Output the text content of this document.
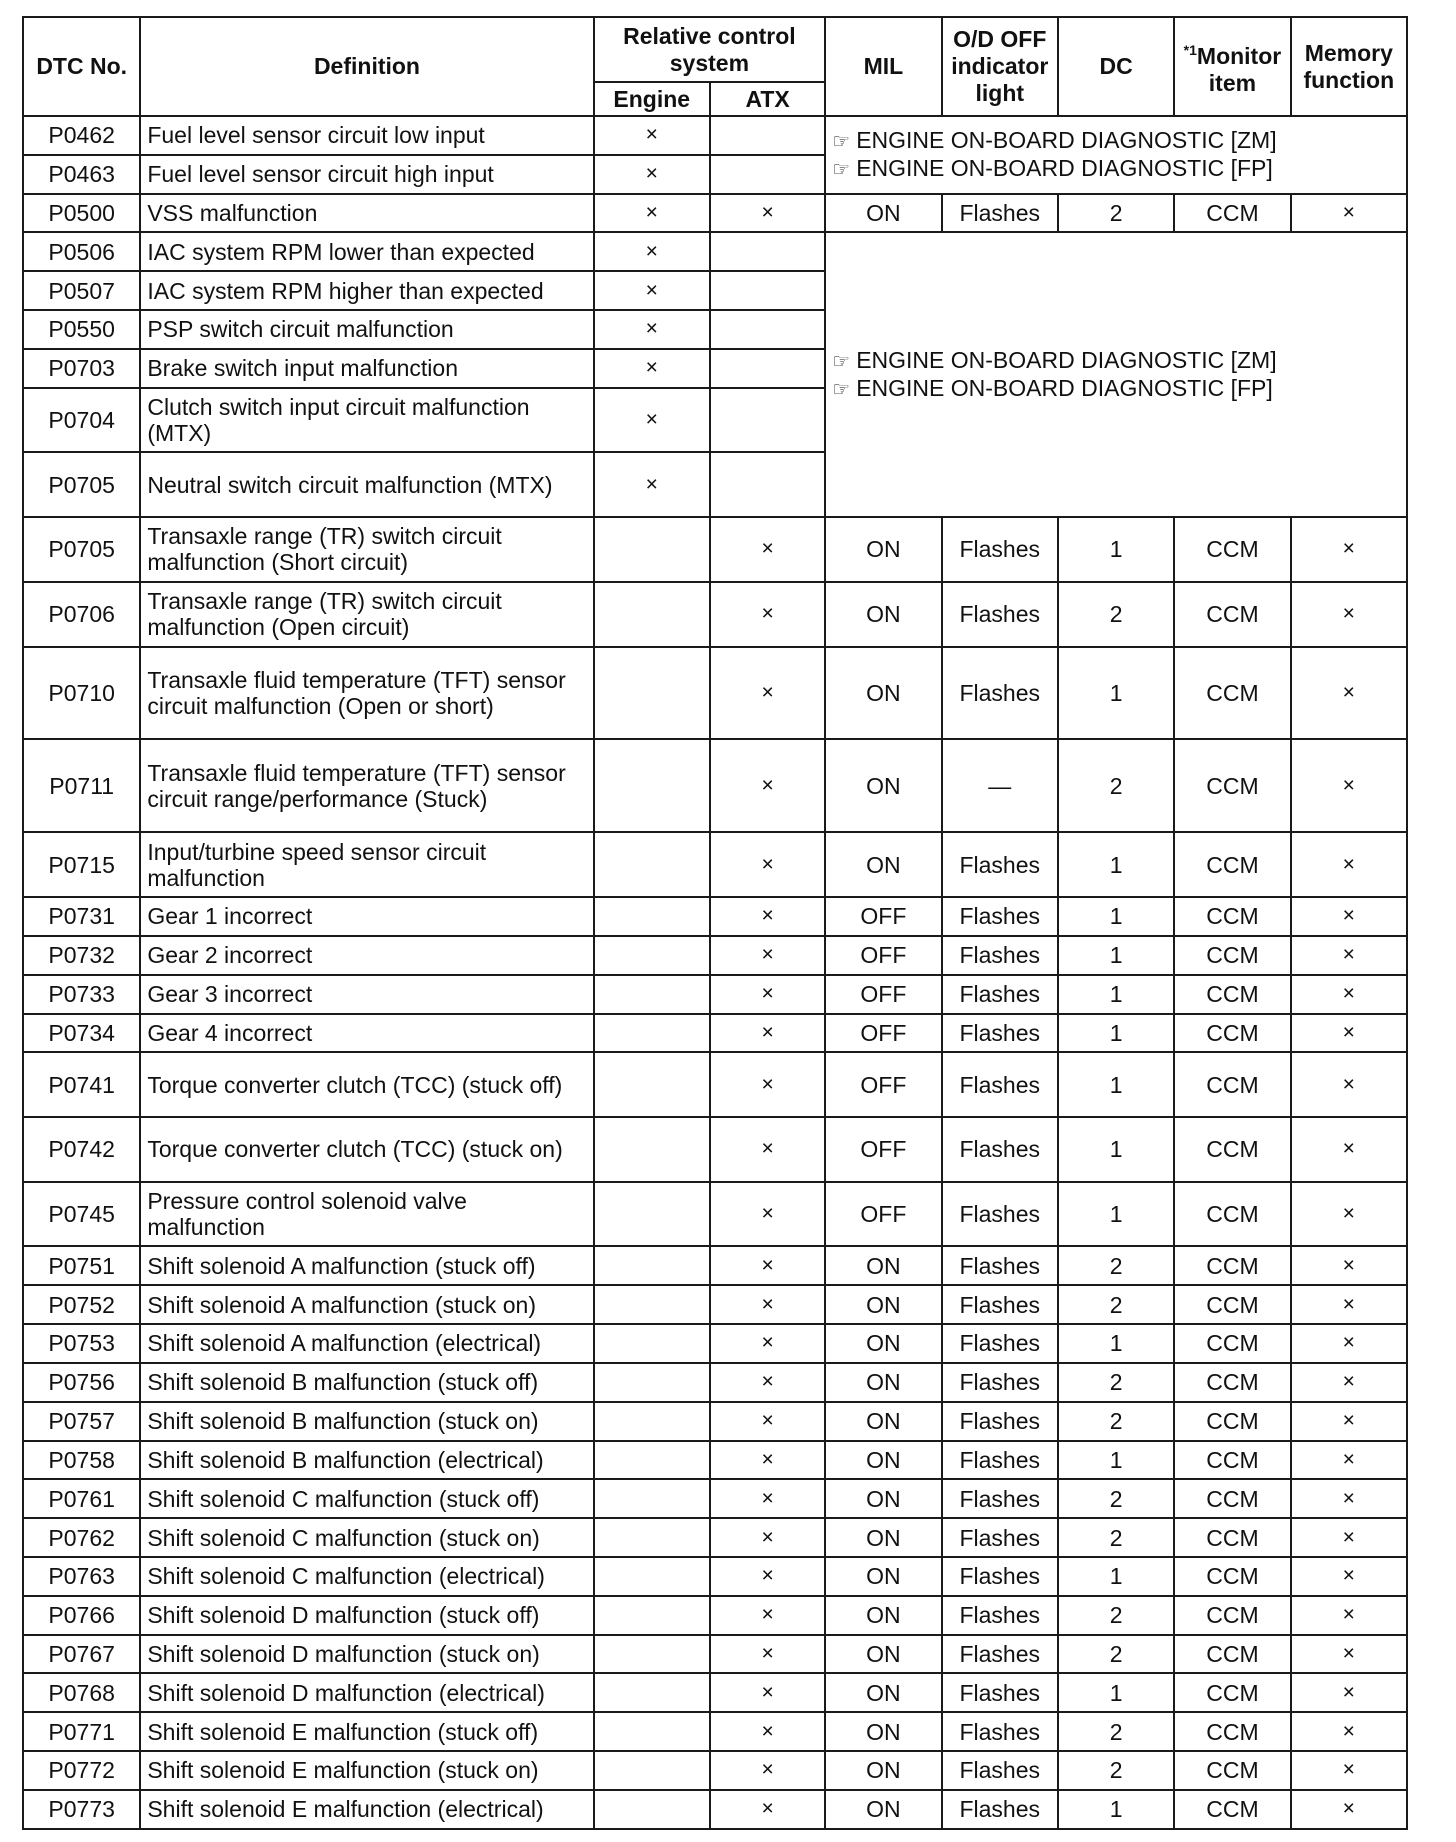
DTC No.	Definition	Relative control system		MIL	O/D OFF indicator light	DC	$^{*1}$Monitor item	Memory function
		Engine	ATX					
P0462	Fuel level sensor circuit low input	×		☞ ENGINE ON-BOARD DIAGNOSTIC [ZM]
☞ ENGINE ON-BOARD DIAGNOSTIC [FP]				

P0463	Fuel level sensor circuit high input	×						
P0500	VSS malfunction	×	×	ON	Flashes	2	CCM	×
P0506	IAC system RPM lower than expected	×		☞ ENGINE ON-BOARD DIAGNOSTIC [ZM]
☞ ENGINE ON-BOARD DIAGNOSTIC [FP]				

P0507	IAC system RPM higher than expected	×						
P0550	PSP switch circuit malfunction	×						
P0703	Brake switch input malfunction	×						
P0704	Clutch switch input circuit malfunction (MTX)	×						
P0705	Neutral switch circuit malfunction (MTX)	×						
P0705	Transaxle range (TR) switch circuit malfunction (Short circuit)		×	ON	Flashes	1	CCM	×
P0706	Transaxle range (TR) switch circuit malfunction (Open circuit)		×	ON	Flashes	2	CCM	×
P0710	Transaxle fluid temperature (TFT) sensor circuit malfunction (Open or short)		×	ON	Flashes	1	CCM	×
P0711	Transaxle fluid temperature (TFT) sensor circuit range/performance (Stuck)		×	ON	—	2	CCM	×
P0715	Input/turbine speed sensor circuit malfunction		×	ON	Flashes	1	CCM	×
P0731	Gear 1 incorrect		×	OFF	Flashes	1	CCM	×
P0732	Gear 2 incorrect		×	OFF	Flashes	1	CCM	×
P0733	Gear 3 incorrect		×	OFF	Flashes	1	CCM	×
P0734	Gear 4 incorrect		×	OFF	Flashes	1	CCM	×
P0741	Torque converter clutch (TCC) (stuck off)		×	OFF	Flashes	1	CCM	×
P0742	Torque converter clutch (TCC) (stuck on)		×	OFF	Flashes	1	CCM	×
P0745	Pressure control solenoid valve malfunction		×	OFF	Flashes	1	CCM	×
P0751	Shift solenoid A malfunction (stuck off)		×	ON	Flashes	2	CCM	×
P0752	Shift solenoid A malfunction (stuck on)		×	ON	Flashes	2	CCM	×
P0753	Shift solenoid A malfunction (electrical)		×	ON	Flashes	1	CCM	×
P0756	Shift solenoid B malfunction (stuck off)		×	ON	Flashes	2	CCM	×
P0757	Shift solenoid B malfunction (stuck on)		×	ON	Flashes	2	CCM	×
P0758	Shift solenoid B malfunction (electrical)		×	ON	Flashes	1	CCM	×
P0761	Shift solenoid C malfunction (stuck off)		×	ON	Flashes	2	CCM	×
P0762	Shift solenoid C malfunction (stuck on)		×	ON	Flashes	2	CCM	×
P0763	Shift solenoid C malfunction (electrical)		×	ON	Flashes	1	CCM	×
P0766	Shift solenoid D malfunction (stuck off)		×	ON	Flashes	2	CCM	×
P0767	Shift solenoid D malfunction (stuck on)		×	ON	Flashes	2	CCM	×
P0768	Shift solenoid D malfunction (electrical)		×	ON	Flashes	1	CCM	×
P0771	Shift solenoid E malfunction (stuck off)		×	ON	Flashes	2	CCM	×
P0772	Shift solenoid E malfunction (stuck on)		×	ON	Flashes	2	CCM	×
P0773	Shift solenoid E malfunction (electrical)		×	ON	Flashes	1	CCM	×
